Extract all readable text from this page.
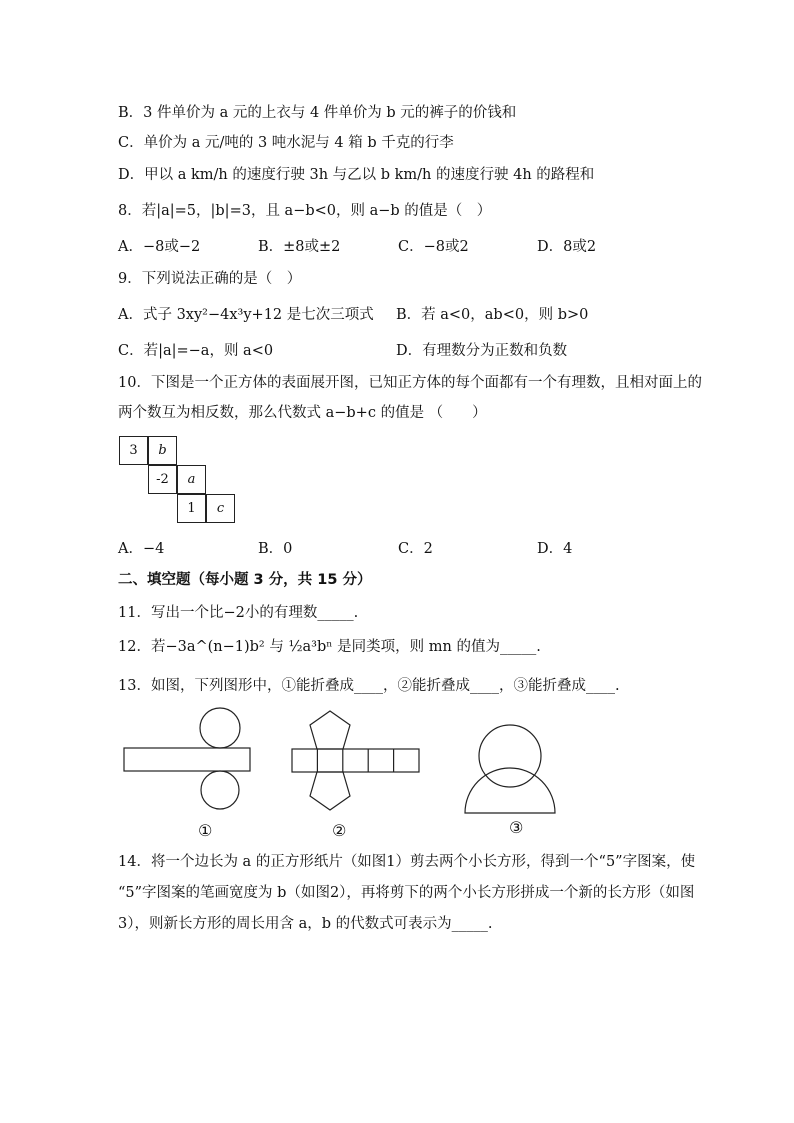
B．3 件单价为 a 元的上衣与 4 件单价为 b 元的裤子的价钱和
C．单价为 a 元/吨的 3 吨水泥与 4 箱 b 千克的行李
D．甲以 a km/h 的速度行驶 3h 与乙以 b km/h 的速度行驶 4h 的路程和
8．若|a|=5，|b|=3，且 a−b<0，则 a−b 的值是（　）
A．−8或−2	B．±8或±2	C．−8或2	D．8或2
9．下列说法正确的是（　）
A．式子 3xy²−4x³y+12 是七次三项式 B．若 a<0，ab<0，则 b>0
C．若|a|=−a，则 a<0	D．有理数分为正数和负数
10．下图是一个正方体的表面展开图，已知正方体的每个面都有一个有理数，且相对面上的
两个数互为相反数，那么代数式 a−b+c 的值是 （　　）
3	b
-2	a
1	c
A．−4	B．0	C．2	D．4
二、填空题（每小题 3 分，共 15 分）
11．写出一个比−2小的有理数_____.
12．若−3a^(n−1)b² 与 ½a³bⁿ 是同类项，则 mn 的值为_____.
13．如图，下列图形中，①能折叠成____，②能折叠成____，③能折叠成____.
①	②	③
14．将一个边长为 a 的正方形纸片（如图1）剪去两个小长方形，得到一个“5”字图案，使
“5”字图案的笔画宽度为 b（如图2），再将剪下的两个小长方形拼成一个新的长方形（如图
3），则新长方形的周长用含 a，b 的代数式可表示为_____.
